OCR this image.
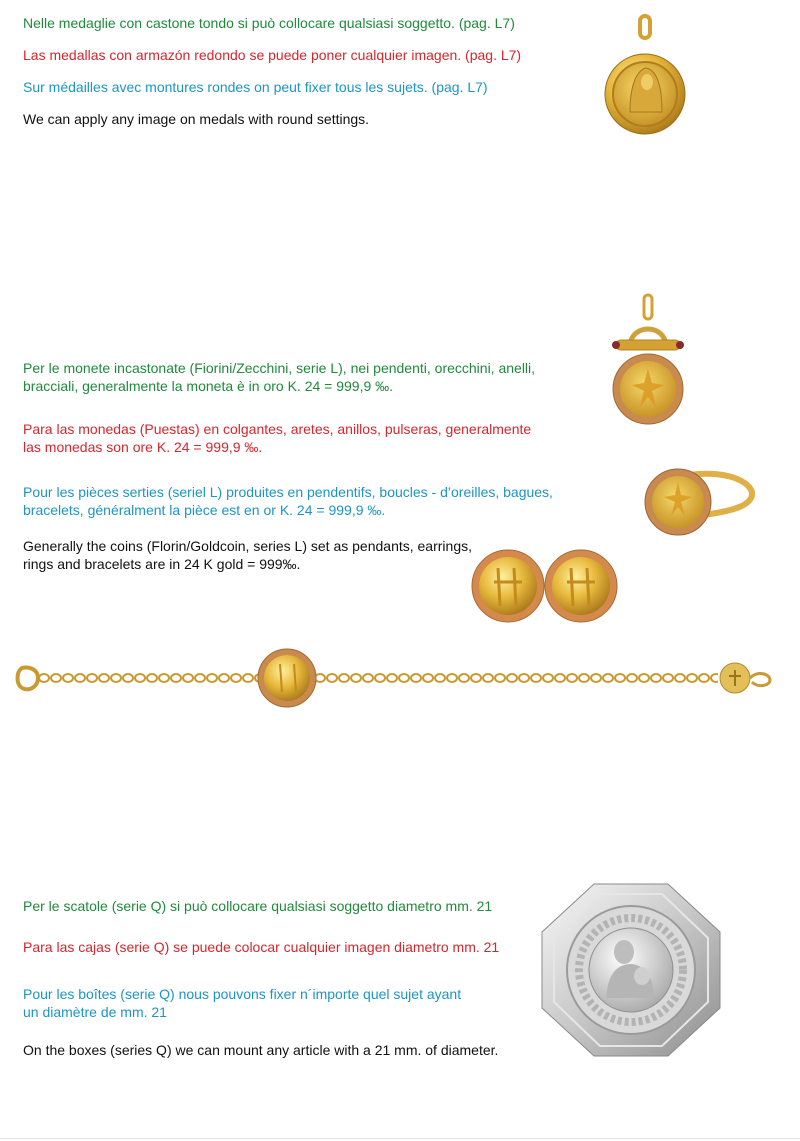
Nelle medaglie con castone tondo si può collocare qualsiasi soggetto. (pag. L7)

Las medallas con armazón redondo se puede poner cualquier imagen. (pag. L7)

Sur médailles avec montures rondes on peut fixer tous les sujets. (pag. L7)

We can apply any image on medals with round settings.

Per le monete incastonate (Fiorini/Zecchini, serie L), nei pendenti, orecchini, anelli,

bracciali, generalmente la moneta è in oro K. 24 = 999,9 ‰.

Para las monedas (Puestas) en colgantes, aretes, anillos, pulseras, generalmente

las monedas son ore K. 24 = 999,9 ‰.

Pour les pièces serties (seriel L) produites en pendentifs, boucles - d’oreilles, bagues,

bracelets, généralment la pièce est en or K. 24 = 999,9 ‰.

Generally the coins (Florin/Goldcoin, series L) set as pendants, earrings,

rings and bracelets are in 24 K gold = 999‰.

Per le scatole (serie Q) si può collocare qualsiasi soggetto diametro mm. 21

Para las cajas (serie Q) se puede colocar cualquier imagen diametro mm. 21

Pour les boîtes (serie Q) nous pouvons fixer n´importe quel sujet ayant

un diamètre de mm. 21

On the boxes (series Q) we can mount any article with a 21 mm. of diameter.
